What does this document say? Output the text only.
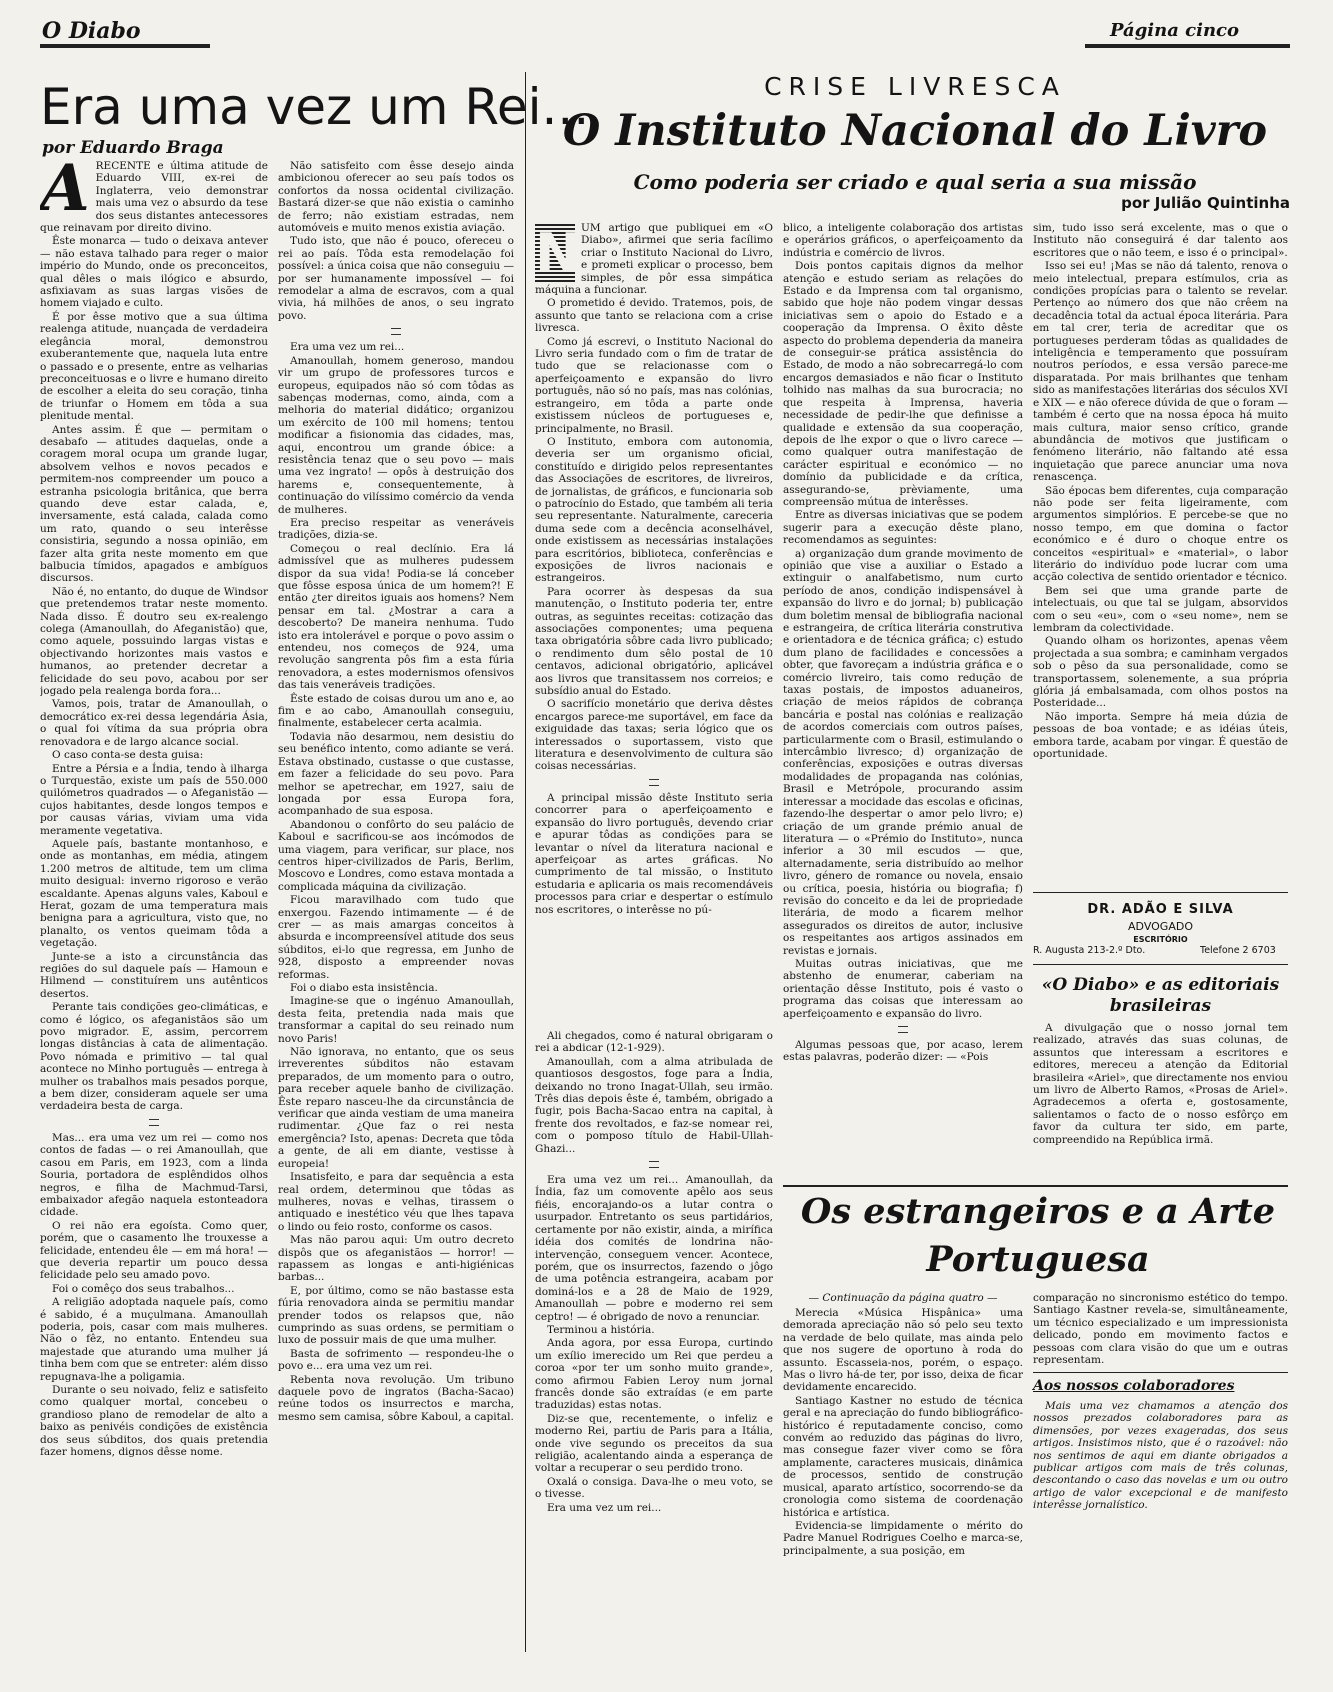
O Diabo	Página cinco
Era uma vez um Rei...
por Eduardo Braga
A RECENTE e última atitude de Eduardo VIII, ex-rei de Inglaterra, veio demonstrar mais uma vez o absurdo da tese dos seus distantes antecessores que reinavam por direito divino.

Êste monarca — tudo o deixava antever — não estava talhado para reger o maior império do Mundo, onde os preconceitos, qual dêles o mais ilógico e absurdo, asfixiavam as suas largas visões de homem viajado e culto.

É por êsse motivo que a sua última realenga atitude, nuançada de verdadeira elegância moral, demonstrou exuberantemente que, naquela luta entre o passado e o presente, entre as velharias preconceituosas e o livre e humano direito de escolher a eleita do seu coração, tinha de triunfar o Homem em tôda a sua plenitude mental.

Antes assim. É que — permitam o desabafo — atitudes daquelas, onde a coragem moral ocupa um grande lugar, absolvem velhos e novos pecados e permitem-nos compreender um pouco a estranha psicologia britânica, que berra quando deve estar calada, e, inversamente, está calada, calada como um rato, quando o seu interêsse consistiria, segundo a nossa opinião, em fazer alta grita neste momento em que balbucia tímidos, apagados e ambíguos discursos.

Não é, no entanto, do duque de Windsor que pretendemos tratar neste momento. Nada disso. É doutro seu ex-realengo colega (Amanoullah, do Afeganistão) que, como aquele, possuindo largas vistas e objectivando horizontes mais vastos e humanos, ao pretender decretar a felicidade do seu povo, acabou por ser jogado pela realenga borda fora...

Vamos, pois, tratar de Amanoullah, o democrático ex-rei dessa legendária Ásia, o qual foi vítima da sua própria obra renovadora e de largo alcance social.

O caso conta-se desta guisa:

Entre a Pérsia e a Índia, tendo à ilharga o Turquestão, existe um país de 550.000 quilómetros quadrados — o Afeganistão — cujos habitantes, desde longos tempos e por causas várias, viviam uma vida meramente vegetativa.

Aquele país, bastante montanhoso, e onde as montanhas, em média, atingem 1.200 metros de altitude, tem um clima muito desigual: inverno rigoroso e verão escaldante. Apenas alguns vales, Kaboul e Herat, gozam de uma temperatura mais benigna para a agricultura, visto que, no planalto, os ventos queimam tôda a vegetação.

Junte-se a isto a circunstância das regiões do sul daquele país — Hamoun e Hilmend — constituírem uns autênticos desertos.

Perante tais condições geo-climáticas, e como é lógico, os afeganistãos são um povo migrador. E, assim, percorrem longas distâncias à cata de alimentação. Povo nómada e primitivo — tal qual acontece no Minho português — entrega à mulher os trabalhos mais pesados porque, a bem dizer, consideram aquele ser uma verdadeira besta de carga.

Mas... era uma vez um rei — como nos contos de fadas — o rei Amanoullah, que casou em Paris, em 1923, com a linda Souria, portadora de esplêndidos olhos negros, e filha de Machmud-Tarsi, embaixador afegão naquela estonteadora cidade.

O rei não era egoísta. Como quer, porém, que o casamento lhe trouxesse a felicidade, entendeu êle — em má hora! — que deveria repartir um pouco dessa felicidade pelo seu amado povo.

Foi o comêço dos seus trabalhos...

A religião adoptada naquele país, como é sabido, é a muçulmana. Amanoullah poderia, pois, casar com mais mulheres. Não o fêz, no entanto. Entendeu sua majestade que aturando uma mulher já tinha bem com que se entreter: além disso repugnava-lhe a poligamia.

Durante o seu noivado, feliz e satisfeito como qualquer mortal, concebeu o grandioso plano de remodelar de alto a baixo as penivéis condições de existência dos seus súbditos, dos quais pretendia fazer homens, dignos dêsse nome.

Não satisfeito com êsse desejo ainda ambicionou oferecer ao seu país todos os confortos da nossa ocidental civilização. Bastará dizer-se que não existia o caminho de ferro; não existiam estradas, nem automóveis e muito menos existia aviação.

Tudo isto, que não é pouco, ofereceu o rei ao país. Tôda esta remodelação foi possível: a única coisa que não conseguiu — por ser humanamente impossível — foi remodelar a alma de escravos, com a qual vivia, há milhões de anos, o seu ingrato povo.

Era uma vez um rei...

Amanoullah, homem generoso, mandou vir um grupo de professores turcos e europeus, equipados não só com tôdas as sabenças modernas, como, ainda, com a melhoria do material didático; organizou um exército de 100 mil homens; tentou modificar a fisionomia das cidades, mas, aqui, encontrou um grande óbice: a resistência tenaz que o seu povo — mais uma vez ingrato! — opôs à destruição dos harems e, consequentemente, à continuação do vilíssimo comércio da venda de mulheres.

Era preciso respeitar as veneráveis tradições, dizia-se.

Começou o real declínio. Era lá admissível que as mulheres pudessem dispor da sua vida! Podia-se lá conceber que fôsse esposa única de um homem?! E então ¿ter direitos iguais aos homens? Nem pensar em tal. ¿Mostrar a cara a descoberto? De maneira nenhuma. Tudo isto era intolerável e porque o povo assim o entendeu, nos começos de 924, uma revolução sangrenta pôs fim a esta fúria renovadora, a estes modernismos ofensivos das tais veneráveis tradições.

Êste estado de coisas durou um ano e, ao fim e ao cabo, Amanoullah conseguiu, finalmente, estabelecer certa acalmia.

Todavia não desarmou, nem desistiu do seu benéfico intento, como adiante se verá. Estava obstinado, custasse o que custasse, em fazer a felicidade do seu povo. Para melhor se apetrechar, em 1927, saiu de longada por essa Europa fora, acompanhado de sua esposa.

Abandonou o confôrto do seu palácio de Kaboul e sacrificou-se aos incómodos de uma viagem, para verificar, sur place, nos centros hiper-civilizados de Paris, Berlim, Moscovo e Londres, como estava montada a complicada máquina da civilização.

Ficou maravilhado com tudo que enxergou. Fazendo intimamente — é de crer — as mais amargas conceitos à absurda e incompreensível atitude dos seus súbditos, ei-lo que regressa, em Junho de 928, disposto a empreender novas reformas.

Foi o diabo esta insistência.

Imagine-se que o ingénuo Amanoullah, desta feita, pretendia nada mais que transformar a capital do seu reinado num novo Paris!

Não ignorava, no entanto, que os seus irreverentes súbditos não estavam preparados, de um momento para o outro, para receber aquele banho de civilização. Êste reparo nasceu-lhe da circunstância de verificar que ainda vestiam de uma maneira rudimentar. ¿Que faz o rei nesta emergência? Isto, apenas: Decreta que tôda a gente, de ali em diante, vestisse à europeia!

Insatisfeito, e para dar sequência a esta real ordem, determinou que tôdas as mulheres, novas e velhas, tirassem o antiquado e inestético véu que lhes tapava o lindo ou feio rosto, conforme os casos.

Mas não parou aqui: Um outro decreto dispôs que os afeganistãos — horror! — rapassem as longas e anti-higiénicas barbas...

E, por último, como se não bastasse esta fúria renovadora ainda se permitiu mandar prender todos os relapsos que, não cumprindo as suas ordens, se permitiam o luxo de possuir mais de que uma mulher.

Basta de sofrimento — respondeu-lhe o povo e... era uma vez um rei.

Rebenta nova revolução. Um tribuno daquele povo de ingratos (Bacha-Sacao) reúne todos os insurrectos e marcha, mesmo sem camisa, sôbre Kaboul, a capital.

CRISE LIVRESCA
O Instituto Nacional do Livro
Como poderia ser criado e qual seria a sua missão
por Julião Quintinha
N UM artigo que publiquei em «O Diabo», afirmei que seria facílimo criar o Instituto Nacional do Livro, e prometi explicar o processo, bem simples, de pôr essa simpática máquina a funcionar.

O prometido é devido. Tratemos, pois, de assunto que tanto se relaciona com a crise livresca.

Como já escrevi, o Instituto Nacional do Livro seria fundado com o fim de tratar de tudo que se relacionasse com o aperfeiçoamento e expansão do livro português, não só no país, mas nas colónias, estrangeiro, em tôda a parte onde existissem núcleos de portugueses e, principalmente, no Brasil.

O Instituto, embora com autonomia, deveria ser um organismo oficial, constituído e dirigido pelos representantes das Associações de escritores, de livreiros, de jornalistas, de gráficos, e funcionaria sob o patrocínio do Estado, que também ali teria seu representante. Naturalmente, careceria duma sede com a decência aconselhável, onde existissem as necessárias instalações para escritórios, biblioteca, conferências e exposições de livros nacionais e estrangeiros.

Para ocorrer às despesas da sua manutenção, o Instituto poderia ter, entre outras, as seguintes receitas: cotização das associações componentes; uma pequena taxa obrigatória sôbre cada livro publicado; o rendimento dum sêlo postal de 10 centavos, adicional obrigatório, aplicável aos livros que transitassem nos correios; e subsídio anual do Estado.

O sacrifício monetário que deriva dêstes encargos parece-me suportável, em face da exiguidade das taxas; seria lógico que os interessados o suportassem, visto que literatura e desenvolvimento de cultura são coisas necessárias.

A principal missão dêste Instituto seria concorrer para o aperfeiçoamento e expansão do livro português, devendo criar e apurar tôdas as condições para se levantar o nível da literatura nacional e aperfeiçoar as artes gráficas. No cumprimento de tal missão, o Instituto estudaria e aplicaria os mais recomendáveis processos para criar e despertar o estímulo nos escritores, o interêsse no pú-

blico, a inteligente colaboração dos artistas e operários gráficos, o aperfeiçoamento da indústria e comércio de livros.

Dois pontos capitais dignos da melhor atenção e estudo seriam as relações do Estado e da Imprensa com tal organismo, sabido que hoje não podem vingar dessas iniciativas sem o apoio do Estado e a cooperação da Imprensa. O êxito dêste aspecto do problema dependeria da maneira de conseguir-se prática assistência do Estado, de modo a não sobrecarregá-lo com encargos demasiados e não ficar o Instituto tolhido nas malhas da sua burocracia; no que respeita à Imprensa, haveria necessidade de pedir-lhe que definisse a qualidade e extensão da sua cooperação, depois de lhe expor o que o livro carece — como qualquer outra manifestação de carácter espiritual e económico — no domínio da publicidade e da crítica, assegurando-se, prèviamente, uma compreensão mútua de interêsses.

Entre as diversas iniciativas que se podem sugerir para a execução dêste plano, recomendamos as seguintes:

a) organização dum grande movimento de opinião que vise a auxiliar o Estado a extinguir o analfabetismo, num curto período de anos, condição indispensável à expansão do livro e do jornal; b) publicação dum boletim mensal de bibliografia nacional e estrangeira, de crítica literária construtiva e orientadora e de técnica gráfica; c) estudo dum plano de facilidades e concessões a obter, que favoreçam a indústria gráfica e o comércio livreiro, tais como redução de taxas postais, de impostos aduaneiros, criação de meios rápidos de cobrança bancária e postal nas colónias e realização de acordos comerciais com outros países, particularmente com o Brasil, estimulando o intercâmbio livresco; d) organização de conferências, exposições e outras diversas modalidades de propaganda nas colónias, Brasil e Metrópole, procurando assim interessar a mocidade das escolas e oficinas, fazendo-lhe despertar o amor pelo livro; e) criação de um grande prémio anual de literatura — o «Prémio do Instituto», nunca inferior a 30 mil escudos — que, alternadamente, seria distribuído ao melhor livro, género de romance ou novela, ensaio ou crítica, poesia, história ou biografia; f) revisão do conceito e da lei de propriedade literária, de modo a ficarem melhor assegurados os direitos de autor, inclusive os respeitantes aos artigos assinados em revistas e jornais.

Muitas outras iniciativas, que me abstenho de enumerar, caberiam na orientação dêsse Instituto, pois é vasto o programa das coisas que interessam ao aperfeiçoamento e expansão do livro.

Algumas pessoas que, por acaso, lerem estas palavras, poderão dizer: — «Pois

sim, tudo isso será excelente, mas o que o Instituto não conseguirá é dar talento aos escritores que o não teem, e isso é o principal».

Isso sei eu! ¡Mas se não dá talento, renova o meio intelectual, prepara estímulos, cria as condições propícias para o talento se revelar. Pertenço ao número dos que não crêem na decadência total da actual época literária. Para em tal crer, teria de acreditar que os portugueses perderam tôdas as qualidades de inteligência e temperamento que possuíram noutros períodos, e essa versão parece-me disparatada. Por mais brilhantes que tenham sido as manifestações literárias dos séculos XVI e XIX — e não oferece dúvida de que o foram — também é certo que na nossa época há muito mais cultura, maior senso crítico, grande abundância de motivos que justificam o fenómeno literário, não faltando até essa inquietação que parece anunciar uma nova renascença.

São épocas bem diferentes, cuja comparação não pode ser feita ligeiramente, com argumentos simplórios. E percebe-se que no nosso tempo, em que domina o factor económico e é duro o choque entre os conceitos «espiritual» e «material», o labor literário do indivíduo pode lucrar com uma acção colectiva de sentido orientador e técnico.

Bem sei que uma grande parte de intelectuais, ou que tal se julgam, absorvidos com o seu «eu», com o «seu nome», nem se lembram da colectividade.

Quando olham os horizontes, apenas vêem projectada a sua sombra; e caminham vergados sob o pêso da sua personalidade, como se transportassem, solenemente, a sua própria glória já embalsamada, com olhos postos na Posteridade...

Não importa. Sempre há meia dúzia de pessoas de boa vontade; e as idéias úteis, embora tarde, acabam por vingar. É questão de oportunidade.

DR. ADÃO E SILVA
ADVOGADO
ESCRITÓRIO
R. Augusta 213-2.º Dto.	Telefone 2 6703
«O Diabo» e as editoriais brasileiras

A divulgação que o nosso jornal tem realizado, através das suas colunas, de assuntos que interessam a escritores e editores, mereceu a atenção da Editorial brasileira «Ariel», que directamente nos enviou um livro de Alberto Ramos, «Prosas de Ariel». Agradecemos a oferta e, gostosamente, salientamos o facto de o nosso esfôrço em favor da cultura ter sido, em parte, compreendido na República irmã.

Ali chegados, como é natural obrigaram o rei a abdicar (12-1-929).

Amanoullah, com a alma atribulada de quantiosos desgostos, foge para a Índia, deixando no trono Inagat-Ullah, seu irmão. Três dias depois êste é, também, obrigado a fugir, pois Bacha-Sacao entra na capital, à frente dos revoltados, e faz-se nomear rei, com o pomposo título de Habil-Ullah-Ghazi...

Era uma vez um rei... Amanoullah, da Índia, faz um comovente apêlo aos seus fiéis, encorajando-os a lutar contra o usurpador. Entretanto os seus partidários, certamente por não existir, ainda, a mirífica idéia dos comités de londrina não-intervenção, conseguem vencer. Acontece, porém, que os insurrectos, fazendo o jôgo de uma potência estrangeira, acabam por dominá-los e a 28 de Maio de 1929, Amanoullah — pobre e moderno rei sem ceptro! — é obrigado de novo a renunciar.

Terminou a história.

Anda agora, por essa Europa, curtindo um exílio imerecido um Rei que perdeu a coroa «por ter um sonho muito grande», como afirmou Fabien Leroy num jornal francês donde são extraídas (e em parte traduzidas) estas notas.

Diz-se que, recentemente, o infeliz e moderno Rei, partiu de Paris para a Itália, onde vive segundo os preceitos da sua religião, acalentando ainda a esperança de voltar a recuperar o seu perdido trono.

Oxalá o consiga. Dava-lhe o meu voto, se o tivesse.

Era uma vez um rei...

Os estrangeiros e a Arte
Portuguesa
— Continuação da página quatro —

Merecia «Música Hispânica» uma demorada apreciação não só pelo seu texto na verdade de belo quilate, mas ainda pelo que nos sugere de oportuno à roda do assunto. Escasseia-nos, porém, o espaço. Mas o livro há-de ter, por isso, deixa de ficar devidamente encarecido.

Santiago Kastner no estudo de técnica geral e na apreciação do fundo bibliográfico-histórico é reputadamente conciso, como convém ao reduzido das páginas do livro, mas consegue fazer viver como se fôra amplamente, caracteres musicais, dinâmica de processos, sentido de construção musical, aparato artístico, socorrendo-se da cronologia como sistema de coordenação histórica e artística.

Evidencia-se limpidamente o mérito do Padre Manuel Rodrigues Coelho e marca-se, principalmente, a sua posição, em

comparação no sincronismo estético do tempo. Santiago Kastner revela-se, simultâneamente, um técnico especializado e um impressionista delicado, pondo em movimento factos e pessoas com clara visão do que um e outras representam.

Aos nossos colaboradores

Mais uma vez chamamos a atenção dos nossos prezados colaboradores para as dimensões, por vezes exageradas, dos seus artigos. Insistimos nisto, que é o razoável: não nos sentimos de aqui em diante obrigados a publicar artigos com mais de três colunas, descontando o caso das novelas e um ou outro artigo de valor excepcional e de manifesto interêsse jornalístico.
